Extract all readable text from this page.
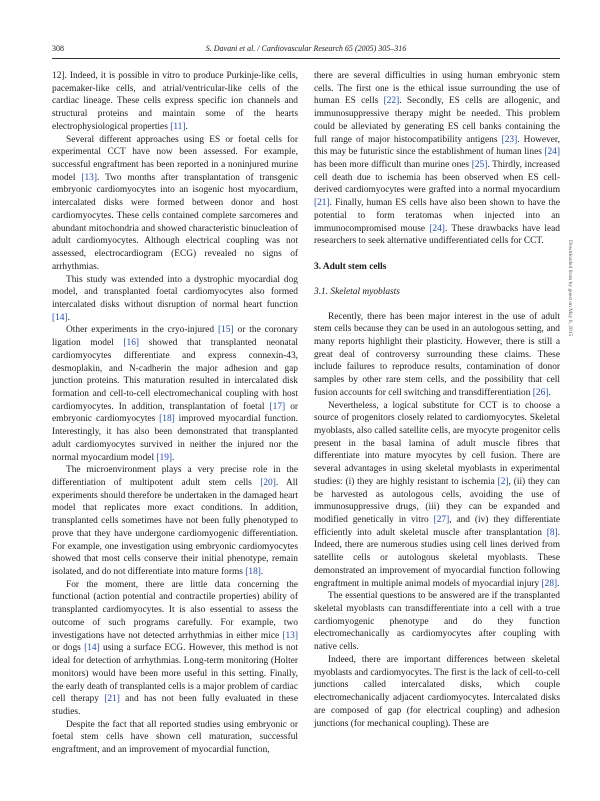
308	S. Davani et al. / Cardiovascular Research 65 (2005) 305–316

12]. Indeed, it is possible in vitro to produce Purkinje-like cells, pacemaker-like cells, and atrial/ventricular-like cells of the cardiac lineage. These cells express specific ion channels and structural proteins and maintain some of the hearts electrophysiological properties [11].

Several different approaches using ES or foetal cells for experimental CCT have now been assessed. For example, successful engraftment has been reported in a noninjured murine model [13]. Two months after transplantation of transgenic embryonic cardiomyocytes into an isogenic host myocardium, intercalated disks were formed between donor and host cardiomyocytes. These cells contained complete sarcomeres and abundant mitochondria and showed characteristic binucleation of adult cardiomyocytes. Although electrical coupling was not assessed, electrocardiogram (ECG) revealed no signs of arrhythmias.

This study was extended into a dystrophic myocardial dog model, and transplanted foetal cardiomyocytes also formed intercalated disks without disruption of normal heart function [14].

Other experiments in the cryo-injured [15] or the coronary ligation model [16] showed that transplanted neonatal cardiomyocytes differentiate and express connexin-43, desmoplakin, and N-cadherin the major adhesion and gap junction proteins. This maturation resulted in intercalated disk formation and cell-to-cell electromechanical coupling with host cardiomyocytes. In addition, transplantation of foetal [17] or embryonic cardiomyocytes [18] improved myocardial function. Interestingly, it has also been demonstrated that transplanted adult cardiomyocytes survived in neither the injured nor the normal myocardium model [19].

The microenvironment plays a very precise role in the differentiation of multipotent adult stem cells [20]. All experiments should therefore be undertaken in the damaged heart model that replicates more exact conditions. In addition, transplanted cells sometimes have not been fully phenotyped to prove that they have undergone cardiomyogenic differentiation. For example, one investigation using embryonic cardiomyocytes showed that most cells conserve their initial phenotype, remain isolated, and do not differentiate into mature forms [18].

For the moment, there are little data concerning the functional (action potential and contractile properties) ability of transplanted cardiomyocytes. It is also essential to assess the outcome of such programs carefully. For example, two investigations have not detected arrhythmias in either mice [13] or dogs [14] using a surface ECG. However, this method is not ideal for detection of arrhythmias. Long-term monitoring (Holter monitors) would have been more useful in this setting. Finally, the early death of transplanted cells is a major problem of cardiac cell therapy [21] and has not been fully evaluated in these studies.

Despite the fact that all reported studies using embryonic or foetal stem cells have shown cell maturation, successful engraftment, and an improvement of myocardial function,

there are several difficulties in using human embryonic stem cells. The first one is the ethical issue surrounding the use of human ES cells [22]. Secondly, ES cells are allogenic, and immunosuppressive therapy might be needed. This problem could be alleviated by generating ES cell banks containing the full range of major histocompatibility antigens [23]. However, this may be futuristic since the establishment of human lines [24] has been more difficult than murine ones [25]. Thirdly, increased cell death due to ischemia has been observed when ES cell-derived cardiomyocytes were grafted into a normal myocardium [21]. Finally, human ES cells have also been shown to have the potential to form teratomas when injected into an immunocompromised mouse [24]. These drawbacks have lead researchers to seek alternative undifferentiated cells for CCT.

3. Adult stem cells
3.1. Skeletal myoblasts

Recently, there has been major interest in the use of adult stem cells because they can be used in an autologous setting, and many reports highlight their plasticity. However, there is still a great deal of controversy surrounding these claims. These include failures to reproduce results, contamination of donor samples by other rare stem cells, and the possibility that cell fusion accounts for cell switching and transdifferentiation [26].

Nevertheless, a logical substitute for CCT is to choose a source of progenitors closely related to cardiomyocytes. Skeletal myoblasts, also called satellite cells, are myocyte progenitor cells present in the basal lamina of adult muscle fibres that differentiate into mature myocytes by cell fusion. There are several advantages in using skeletal myoblasts in experimental studies: (i) they are highly resistant to ischemia [2], (ii) they can be harvested as autologous cells, avoiding the use of immunosuppressive drugs, (iii) they can be expanded and modified genetically in vitro [27], and (iv) they differentiate efficiently into adult skeletal muscle after transplantation [8]. Indeed, there are numerous studies using cell lines derived from satellite cells or autologous skeletal myoblasts. These demonstrated an improvement of myocardial function following engraftment in multiple animal models of myocardial injury [28].

The essential questions to be answered are if the transplanted skeletal myoblasts can transdifferentiate into a cell with a true cardiomyogenic phenotype and do they function electromechanically as cardiomyocytes after coupling with native cells.

Indeed, there are important differences between skeletal myoblasts and cardiomyocytes. The first is the lack of cell-to-cell junctions called intercalated disks, which couple electromechanically adjacent cardiomyocytes. Intercalated disks are composed of gap (for electrical coupling) and adhesion junctions (for mechanical coupling). These are

Downloaded from by guest on May 6, 2015
